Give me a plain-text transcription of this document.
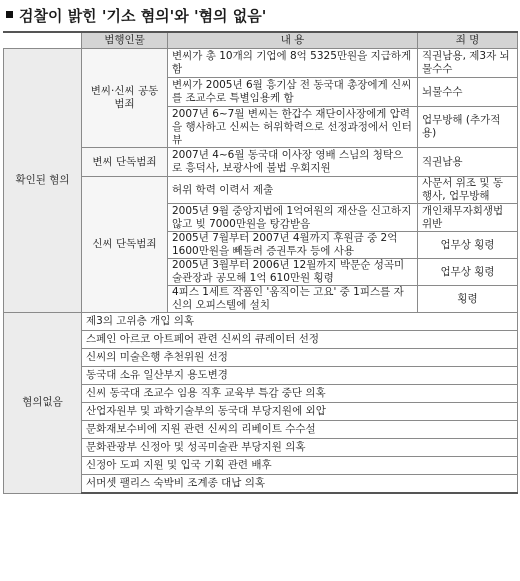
검찰이 밝힌 '기소 혐의'와 '혐의 없음'
	범행인물	내 용	죄 명
확인된 혐의	변씨·신씨 공동범죄	변씨가 총 10개의 기업에 8억 5325만원을 지급하게 함	직권남용, 제3자 뇌물수수
		변씨가 2005년 6월 흥기삼 전 동국대 총장에게 신씨를 조교수로 특별임용케 함	뇌물수수
		2007년 6~7월 변씨는 한갑수 재단이사장에게 압력을 행사하고 신씨는 허위학력으로 선정과정에서 인터뷰	업무방해 (추가적용)
	변씨 단독범죄	2007년 4~6월 동국대 이사장 영배 스님의 청탁으로 흥덕사, 보광사에 불법 우회지원	직권남용
	신씨 단독범죄	허위 학력 이력서 제출	사문서 위조 및 동행사, 업무방해
		2005년 9월 중앙지법에 1억여원의 재산을 신고하지 않고 빚 7000만원을 탕감받음	개인채무자회생법 위반
		2005년 7월부터 2007년 4월까지 후원금 중 2억 1600만원을 빼돌려 증권투자 등에 사용	업무상 횡령
		2005년 3월부터 2006년 12월까지 박문순 성곡미술관장과 공모해 1억 610만원 횡령	업무상 횡령
		4피스 1세트 작품인 '움직이는 고요' 중 1피스를 자신의 오피스텔에 설치	횡령
혐의없음	제3의 고위층 개입 의혹		
	스페인 아르코 아트페어 관련 신씨의 큐레이터 선정		
	신씨의 미술은행 추천위원 선정		
	동국대 소유 일산부지 용도변경		
	신씨 동국대 조교수 임용 직후 교육부 특감 중단 의혹		
	산업자원부 및 과학기술부의 동국대 부당지원에 외압		
	문화재보수비에 지원 관련 신씨의 리베이트 수수설		
	문화관광부 신정아 및 성곡미술관 부당지원 의혹		
	신정아 도피 지원 및 입국 기획 관련 배후		
	서머셋 팰리스 숙박비 조계종 대납 의혹		
